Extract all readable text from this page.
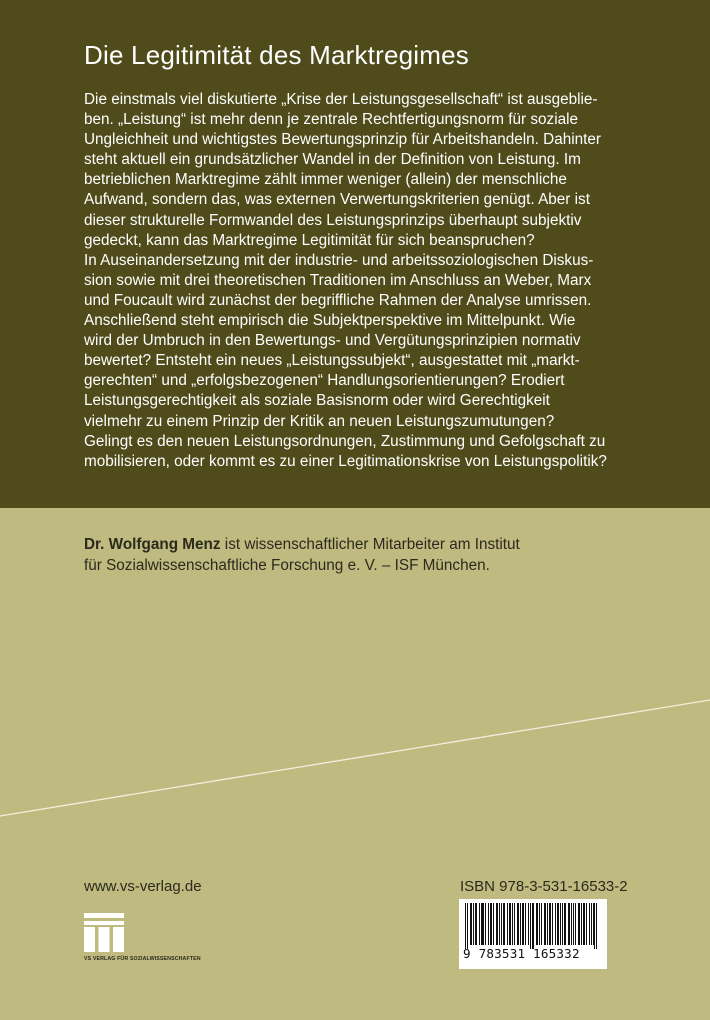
Die Legitimität des Marktregimes
Die einstmals viel diskutierte „Krise der Leistungsgesellschaft“ ist ausgeblie-
ben. „Leistung“ ist mehr denn je zentrale Rechtfertigungsnorm für soziale
Ungleichheit und wichtigstes Bewertungsprinzip für Arbeitshandeln. Dahinter
steht aktuell ein grundsätzlicher Wandel in der Definition von Leistung. Im
betrieblichen Marktregime zählt immer weniger (allein) der menschliche
Aufwand, sondern das, was externen Verwertungskriterien genügt. Aber ist
dieser strukturelle Formwandel des Leistungsprinzips überhaupt subjektiv
gedeckt, kann das Marktregime Legitimität für sich beanspruchen?
In Auseinandersetzung mit der industrie- und arbeitssoziologischen Diskus-
sion sowie mit drei theoretischen Traditionen im Anschluss an Weber, Marx
und Foucault wird zunächst der begriffliche Rahmen der Analyse umrissen.
Anschließend steht empirisch die Subjektperspektive im Mittelpunkt. Wie
wird der Umbruch in den Bewertungs- und Vergütungsprinzipien normativ
bewertet? Entsteht ein neues „Leistungssubjekt“, ausgestattet mit „markt-
gerechten“ und „erfolgsbezogenen“ Handlungsorientierungen? Erodiert
Leistungsgerechtigkeit als soziale Basisnorm oder wird Gerechtigkeit
vielmehr zu einem Prinzip der Kritik an neuen Leistungszumutungen?
Gelingt es den neuen Leistungsordnungen, Zustimmung und Gefolgschaft zu
mobilisieren, oder kommt es zu einer Legitimationskrise von Leistungspolitik?
Dr. Wolfgang Menz ist wissenschaftlicher Mitarbeiter am Institut
für Sozialwissenschaftliche Forschung e. V. – ISF München.
www.vs-verlag.de
VS VERLAG FÜR SOZIALWISSENSCHAFTEN
ISBN 978-3-531-16533-2
9 783531 165332
